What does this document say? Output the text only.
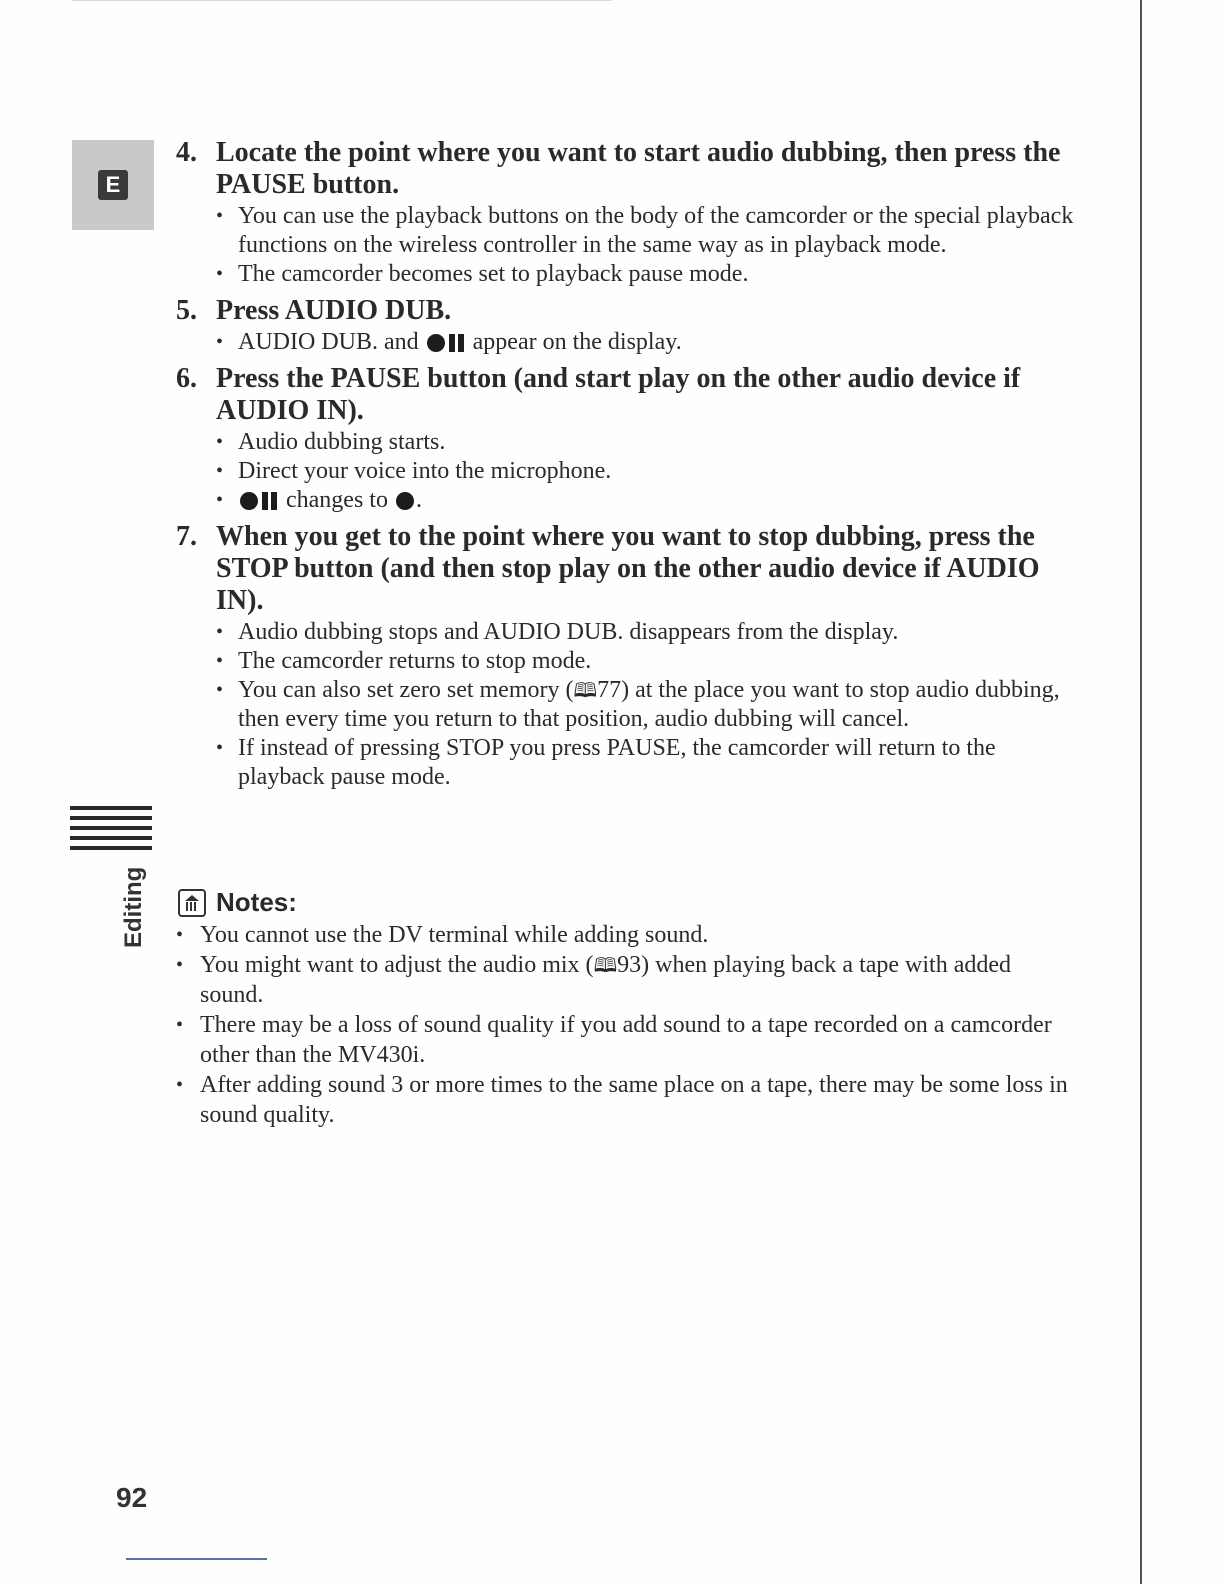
E
Editing
4. Locate the point where you want to start audio dubbing, then press the PAUSE button.

• You can use the playback buttons on the body of the camcorder or the special playback functions on the wireless controller in the same way as in playback mode.
• The camcorder becomes set to playback pause mode.
5. Press AUDIO DUB.

• AUDIO DUB. and appear on the display.
6. Press the PAUSE button (and start play on the other audio device if AUDIO IN).

• Audio dubbing starts.
• Direct your voice into the microphone.
• changes to .
7. When you get to the point where you want to stop dubbing, press the STOP button (and then stop play on the other audio device if AUDIO IN).

• Audio dubbing stops and AUDIO DUB. disappears from the display.
• The camcorder returns to stop mode.
• You can also set zero set memory (🕮77) at the place you want to stop audio dubbing, then every time you return to that position, audio dubbing will cancel.
• If instead of pressing STOP you press PAUSE, the camcorder will return to the playback pause mode.
Notes:
• You cannot use the DV terminal while adding sound.
• You might want to adjust the audio mix (🕮93) when playing back a tape with added sound.
• There may be a loss of sound quality if you add sound to a tape recorded on a camcorder other than the MV430i.
• After adding sound 3 or more times to the same place on a tape, there may be some loss in sound quality.
92
